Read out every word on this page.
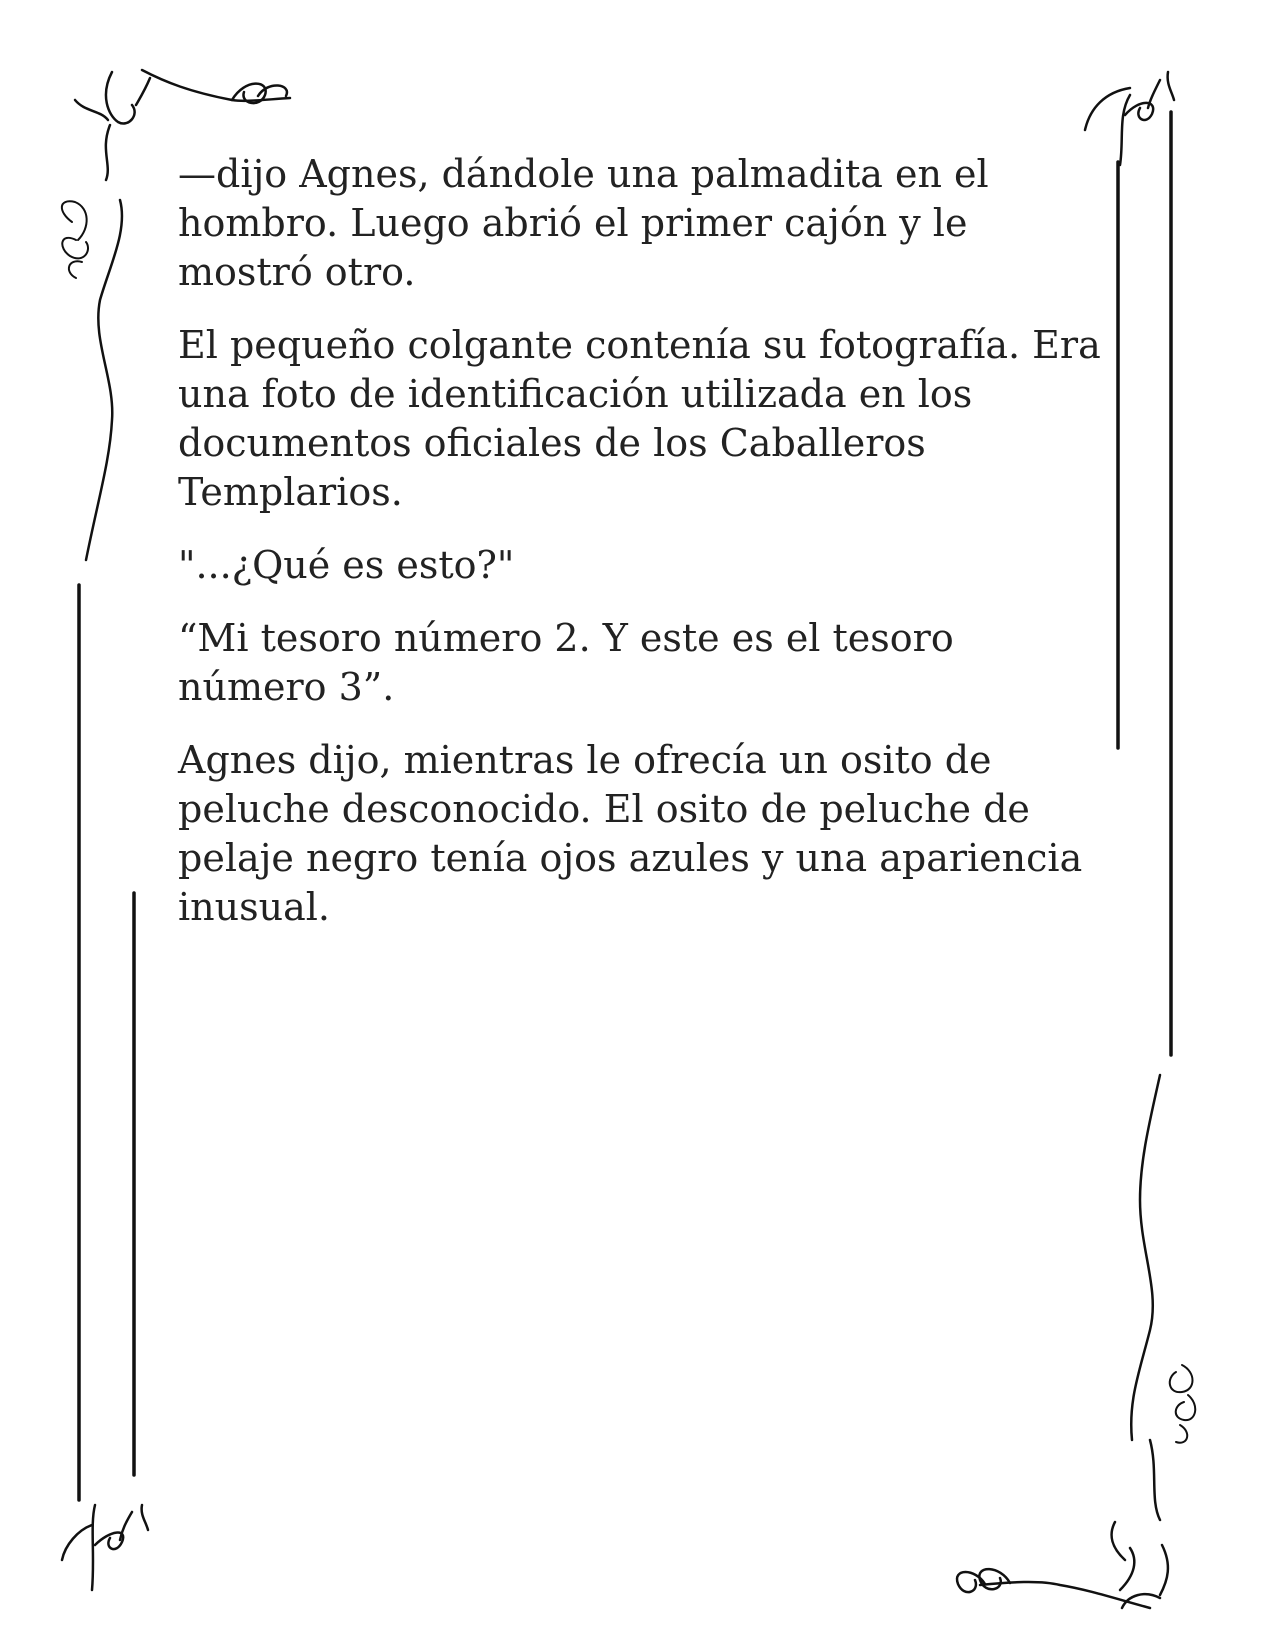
—dijo Agnes, dándole una palmadita en el hombro. Luego abrió el primer cajón y le mostró otro.

El pequeño colgante contenía su fotografía. Era una foto de identificación utilizada en los documentos oficiales de los Caballeros Templarios.

"...¿Qué es esto?"

“Mi tesoro número 2. Y este es el tesoro número 3”.

Agnes dijo, mientras le ofrecía un osito de peluche desconocido. El osito de peluche de pelaje negro tenía ojos azules y una apariencia inusual.
